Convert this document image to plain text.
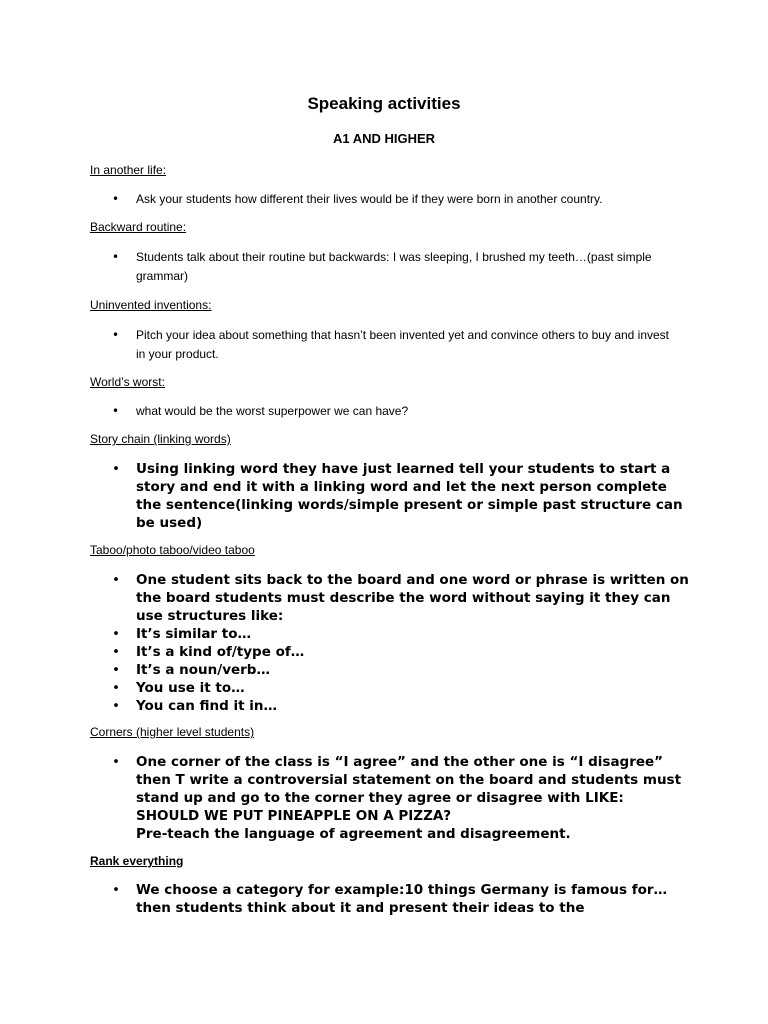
Speaking activities
A1 AND HIGHER
In another life:
• Ask your students how different their lives would be if they were born in another country.
Backward routine:
• Students talk about their routine but backwards: I was sleeping, I brushed my teeth…(past simple grammar)
Uninvented inventions:
• Pitch your idea about something that hasn’t been invented yet and convince others to buy and invest in your product.
World’s worst:
• what would be the worst superpower we can have?
Story chain (linking words)
• Using linking word they have just learned tell your students to start a story and end it with a linking word and let the next person complete the sentence(linking words/simple present or simple past structure can be used)
Taboo/photo taboo/video taboo
• One student sits back to the board and one word or phrase is written on the board students must describe the word without saying it they can use structures like:
• It’s similar to…
• It’s a kind of/type of…
• It’s a noun/verb…
• You use it to…
• You can find it in…
Corners (higher level students)
• One corner of the class is “I agree” and the other one is “I disagree” then T write a controversial statement on the board and students must stand up and go to the corner they agree or disagree with LIKE: SHOULD WE PUT PINEAPPLE ON A PIZZA?
Pre-teach the language of agreement and disagreement.
Rank everything
• We choose a category for example:10 things Germany is famous for… then students think about it and present their ideas to the
